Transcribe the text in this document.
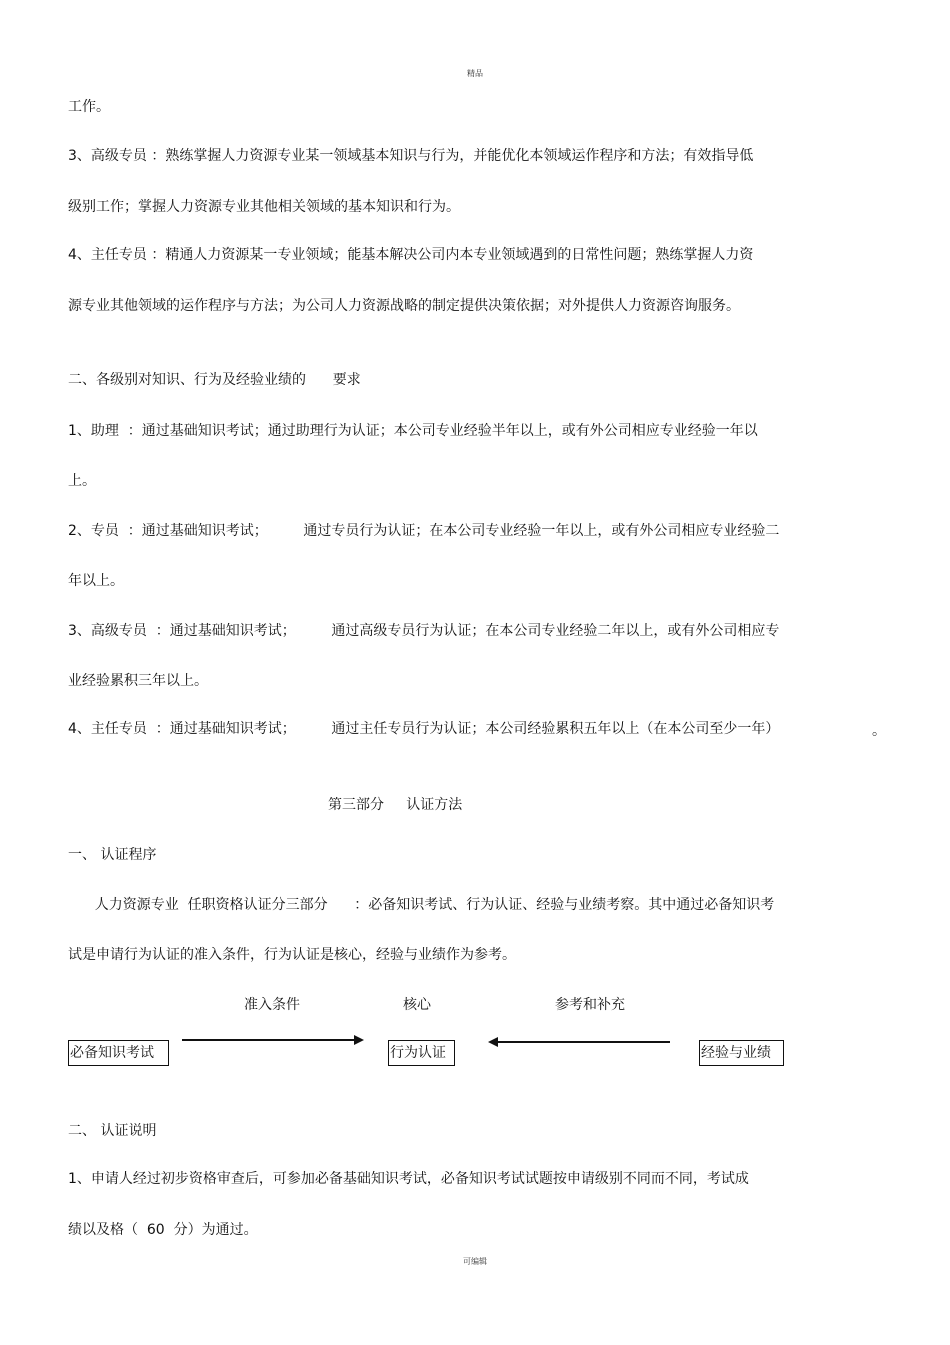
精品

工作。

3、高级专员 ：熟练掌握人力资源专业某一领域基本知识与行为，并能优化本领域运作程序和方法；有效指导低

级别工作；掌握人力资源专业其他相关领域的基本知识和行为。

4、主任专员 ：精通人力资源某一专业领域；能基本解决公司内本专业领域遇到的日常性问题；熟练掌握人力资

源专业其他领域的运作程序与方法；为公司人力资源战略的制定提供决策依据；对外提供人力资源咨询服务。

二、各级别对知识、行为及经验业绩的      要求

1、助理  ：通过基础知识考试；通过助理行为认证；本公司专业经验半年以上，或有外公司相应专业经验一年以

上。

2、专员  ：通过基础知识考试；        通过专员行为认证；在本公司专业经验一年以上，或有外公司相应专业经验二

年以上。

3、高级专员  ：通过基础知识考试；        通过高级专员行为认证；在本公司专业经验二年以上，或有外公司相应专

业经验累积三年以上。

4、主任专员  ：通过基础知识考试；        通过主任专员行为认证；本公司经验累积五年以上（在本公司至少一年）	。

第三部分     认证方法

一、 认证程序

人力资源专业  任职资格认证分三部分      ：必备知识考试、行为认证、经验与业绩考察。其中通过必备知识考

试是申请行为认证的准入条件，行为认证是核心，经验与业绩作为参考。

准入条件	核心	参考和补充
必备知识考试	行为认证	经验与业绩

二、 认证说明

1、申请人经过初步资格审查后，可参加必备基础知识考试，必备知识考试试题按申请级别不同而不同，考试成

绩以及格（  60  分）为通过。

可编辑
